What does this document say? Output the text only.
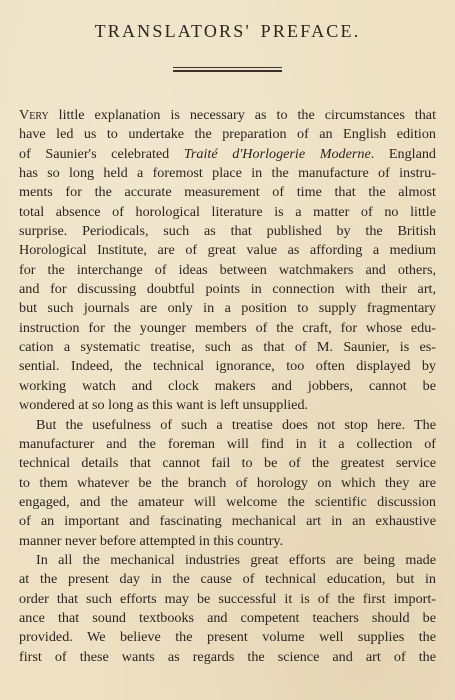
TRANSLATORS' PREFACE.
Very little explanation is necessary as to the circumstances that
have led us to undertake the preparation of an English edition
of Saunier's celebrated Traité d'Horlogerie Moderne. England
has so long held a foremost place in the manufacture of instru-
ments for the accurate measurement of time that the almost
total absence of horological literature is a matter of no little
surprise. Periodicals, such as that published by the British
Horological Institute, are of great value as affording a medium
for the interchange of ideas between watchmakers and others,
and for discussing doubtful points in connection with their art,
but such journals are only in a position to supply fragmentary
instruction for the younger members of the craft, for whose edu-
cation a systematic treatise, such as that of M. Saunier, is es-
sential. Indeed, the technical ignorance, too often displayed by
working watch and clock makers and jobbers, cannot be
wondered at so long as this want is left unsupplied.
But the usefulness of such a treatise does not stop here. The
manufacturer and the foreman will find in it a collection of
technical details that cannot fail to be of the greatest service
to them whatever be the branch of horology on which they are
engaged, and the amateur will welcome the scientific discussion
of an important and fascinating mechanical art in an exhaustive
manner never before attempted in this country.
In all the mechanical industries great efforts are being made
at the present day in the cause of technical education, but in
order that such efforts may be successful it is of the first import-
ance that sound textbooks and competent teachers should be
provided. We believe the present volume well supplies the
first of these wants as regards the science and art of the
